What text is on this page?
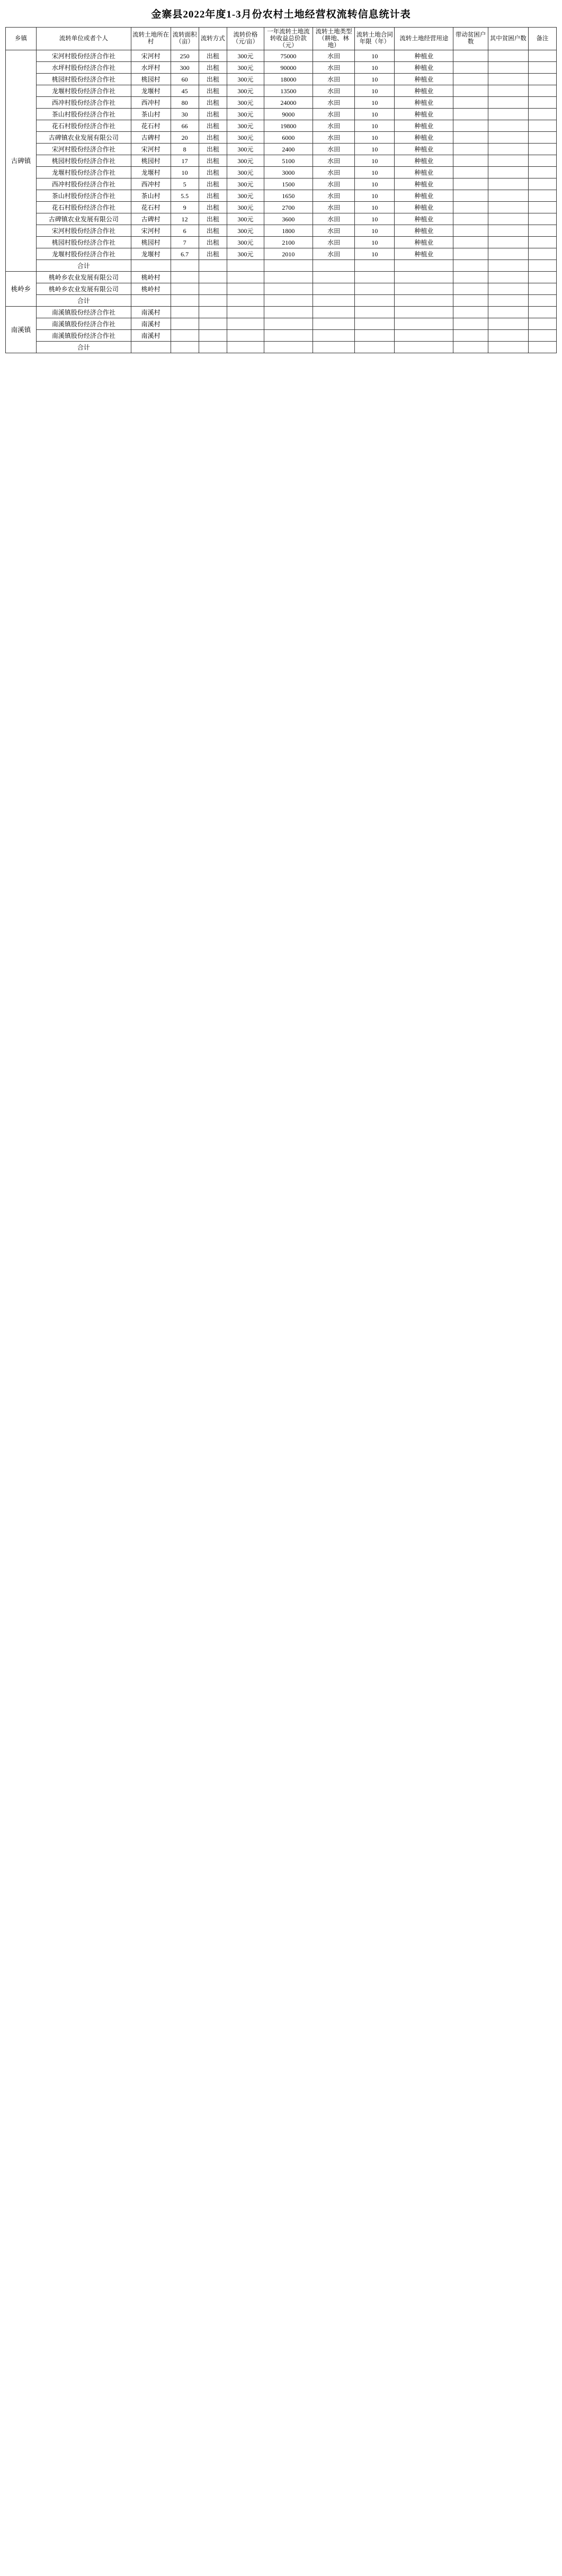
金寨县2022年度1-3月份农村土地经营权流转信息统计表
乡镇	流转单位或者个人	流转土地所在村	流转面积（亩）	流转方式	流转价格（元/亩）	一年流转土地流转收益总价款（元）	流转土地类型（耕地、林地）	流转土地合同年限（年）	流转土地经营用途	带动贫困户数	其中贫困户数	备注
古碑镇	宋河村股份经济合作社	宋河村	250	出租	300元	75000	水田	10	种植业			
	水坪村股份经济合作社	水坪村	300	出租	300元	90000	水田	10	种植业			
	桃园村股份经济合作社	桃园村	60	出租	300元	18000	水田	10	种植业			
	龙堰村股份经济合作社	龙堰村	45	出租	300元	13500	水田	10	种植业			
	西冲村股份经济合作社	西冲村	80	出租	300元	24000	水田	10	种植业			
	茶山村股份经济合作社	茶山村	30	出租	300元	9000	水田	10	种植业			
	花石村股份经济合作社	花石村	66	出租	300元	19800	水田	10	种植业			
	古碑镇农业发展有限公司	古碑村	20	出租	300元	6000	水田	10	种植业			
	宋河村股份经济合作社	宋河村	8	出租	300元	2400	水田	10	种植业			
	桃园村股份经济合作社	桃园村	17	出租	300元	5100	水田	10	种植业			
	龙堰村股份经济合作社	龙堰村	10	出租	300元	3000	水田	10	种植业			
	西冲村股份经济合作社	西冲村	5	出租	300元	1500	水田	10	种植业			
	茶山村股份经济合作社	茶山村	5.5	出租	300元	1650	水田	10	种植业			
	花石村股份经济合作社	花石村	9	出租	300元	2700	水田	10	种植业			
	古碑镇农业发展有限公司	古碑村	12	出租	300元	3600	水田	10	种植业			
	宋河村股份经济合作社	宋河村	6	出租	300元	1800	水田	10	种植业			
	桃园村股份经济合作社	桃园村	7	出租	300元	2100	水田	10	种植业			
	龙堰村股份经济合作社	龙堰村	6.7	出租	300元	2010	水田	10	种植业			
	合计											
桃岭乡	桃岭乡农业发展有限公司	桃岭村										
	桃岭乡农业发展有限公司	桃岭村										
	合计											
南溪镇	南溪镇股份经济合作社	南溪村										
	南溪镇股份经济合作社	南溪村										
	南溪镇股份经济合作社	南溪村										
	合计											
